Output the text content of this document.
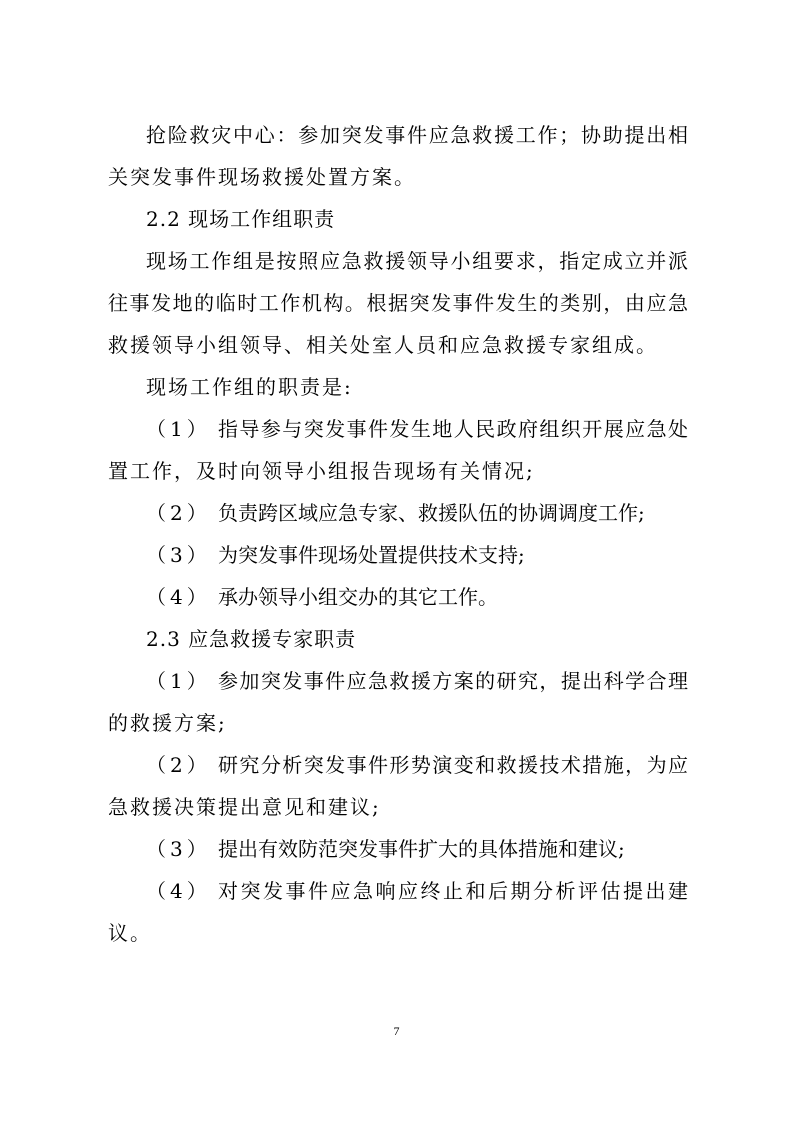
抢险救灾中心：参加突发事件应急救援工作；协助提出相
关突发事件现场救援处置方案。
2.2 现场工作组职责
现场工作组是按照应急救援领导小组要求，指定成立并派
往事发地的临时工作机构。根据突发事件发生的类别，由应急
救援领导小组领导、相关处室人员和应急救援专家组成。
现场工作组的职责是:
（1） 指导参与突发事件发生地人民政府组织开展应急处
置工作，及时向领导小组报告现场有关情况;
（2） 负责跨区域应急专家、救援队伍的协调调度工作;
（3） 为突发事件现场处置提供技术支持;
（4） 承办领导小组交办的其它工作。
2.3 应急救援专家职责
（1） 参加突发事件应急救援方案的研究，提出科学合理
的救援方案;
（2） 研究分析突发事件形势演变和救援技术措施，为应
急救援决策提出意见和建议;
（3） 提出有效防范突发事件扩大的具体措施和建议;
（4） 对突发事件应急响应终止和后期分析评估提出建
议。
7
